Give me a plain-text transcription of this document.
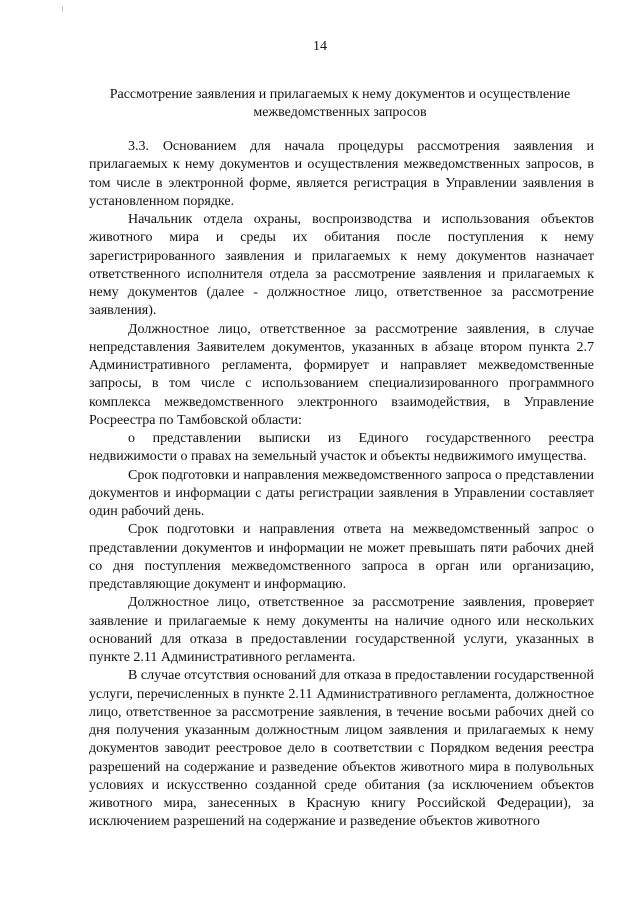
14
Рассмотрение заявления и прилагаемых к нему документов и осуществление
межведомственных запросов

3.3. Основанием для начала процедуры рассмотрения заявления и прилагаемых к нему документов и осуществления межведомственных запросов, в том числе в электронной форме, является регистрация в Управлении заявления в установленном порядке.

Начальник отдела охраны, воспроизводства и использования объектов животного мира и среды их обитания после поступления к нему зарегистрированного заявления и прилагаемых к нему документов назначает ответственного исполнителя отдела за рассмотрение заявления и прилагаемых к нему документов (далее - должностное лицо, ответственное за рассмотрение заявления).

Должностное лицо, ответственное за рассмотрение заявления, в случае непредставления Заявителем документов, указанных в абзаце втором пункта 2.7 Административного регламента, формирует и направляет межведомственные запросы, в том числе с использованием специализированного программного комплекса межведомственного электронного взаимодействия, в Управление Росреестра по Тамбовской области:

о представлении выписки из Единого государственного реестра недвижимости о правах на земельный участок и объекты недвижимого имущества.

Срок подготовки и направления межведомственного запроса о представлении документов и информации с даты регистрации заявления в Управлении составляет один рабочий день.

Срок подготовки и направления ответа на межведомственный запрос о представлении документов и информации не может превышать пяти рабочих дней со дня поступления межведомственного запроса в орган или организацию, представляющие документ и информацию.

Должностное лицо, ответственное за рассмотрение заявления, проверяет заявление и прилагаемые к нему документы на наличие одного или нескольких оснований для отказа в предоставлении государственной услуги, указанных в пункте 2.11 Административного регламента.

В случае отсутствия оснований для отказа в предоставлении государственной услуги, перечисленных в пункте 2.11 Административного регламента, должностное лицо, ответственное за рассмотрение заявления, в течение восьми рабочих дней со дня получения указанным должностным лицом заявления и прилагаемых к нему документов заводит реестровое дело в соответствии с Порядком ведения реестра разрешений на содержание и разведение объектов животного мира в полувольных условиях и искусственно созданной среде обитания (за исключением объектов животного мира, занесенных в Красную книгу Российской Федерации), за исключением разрешений на содержание и разведение объектов животного
